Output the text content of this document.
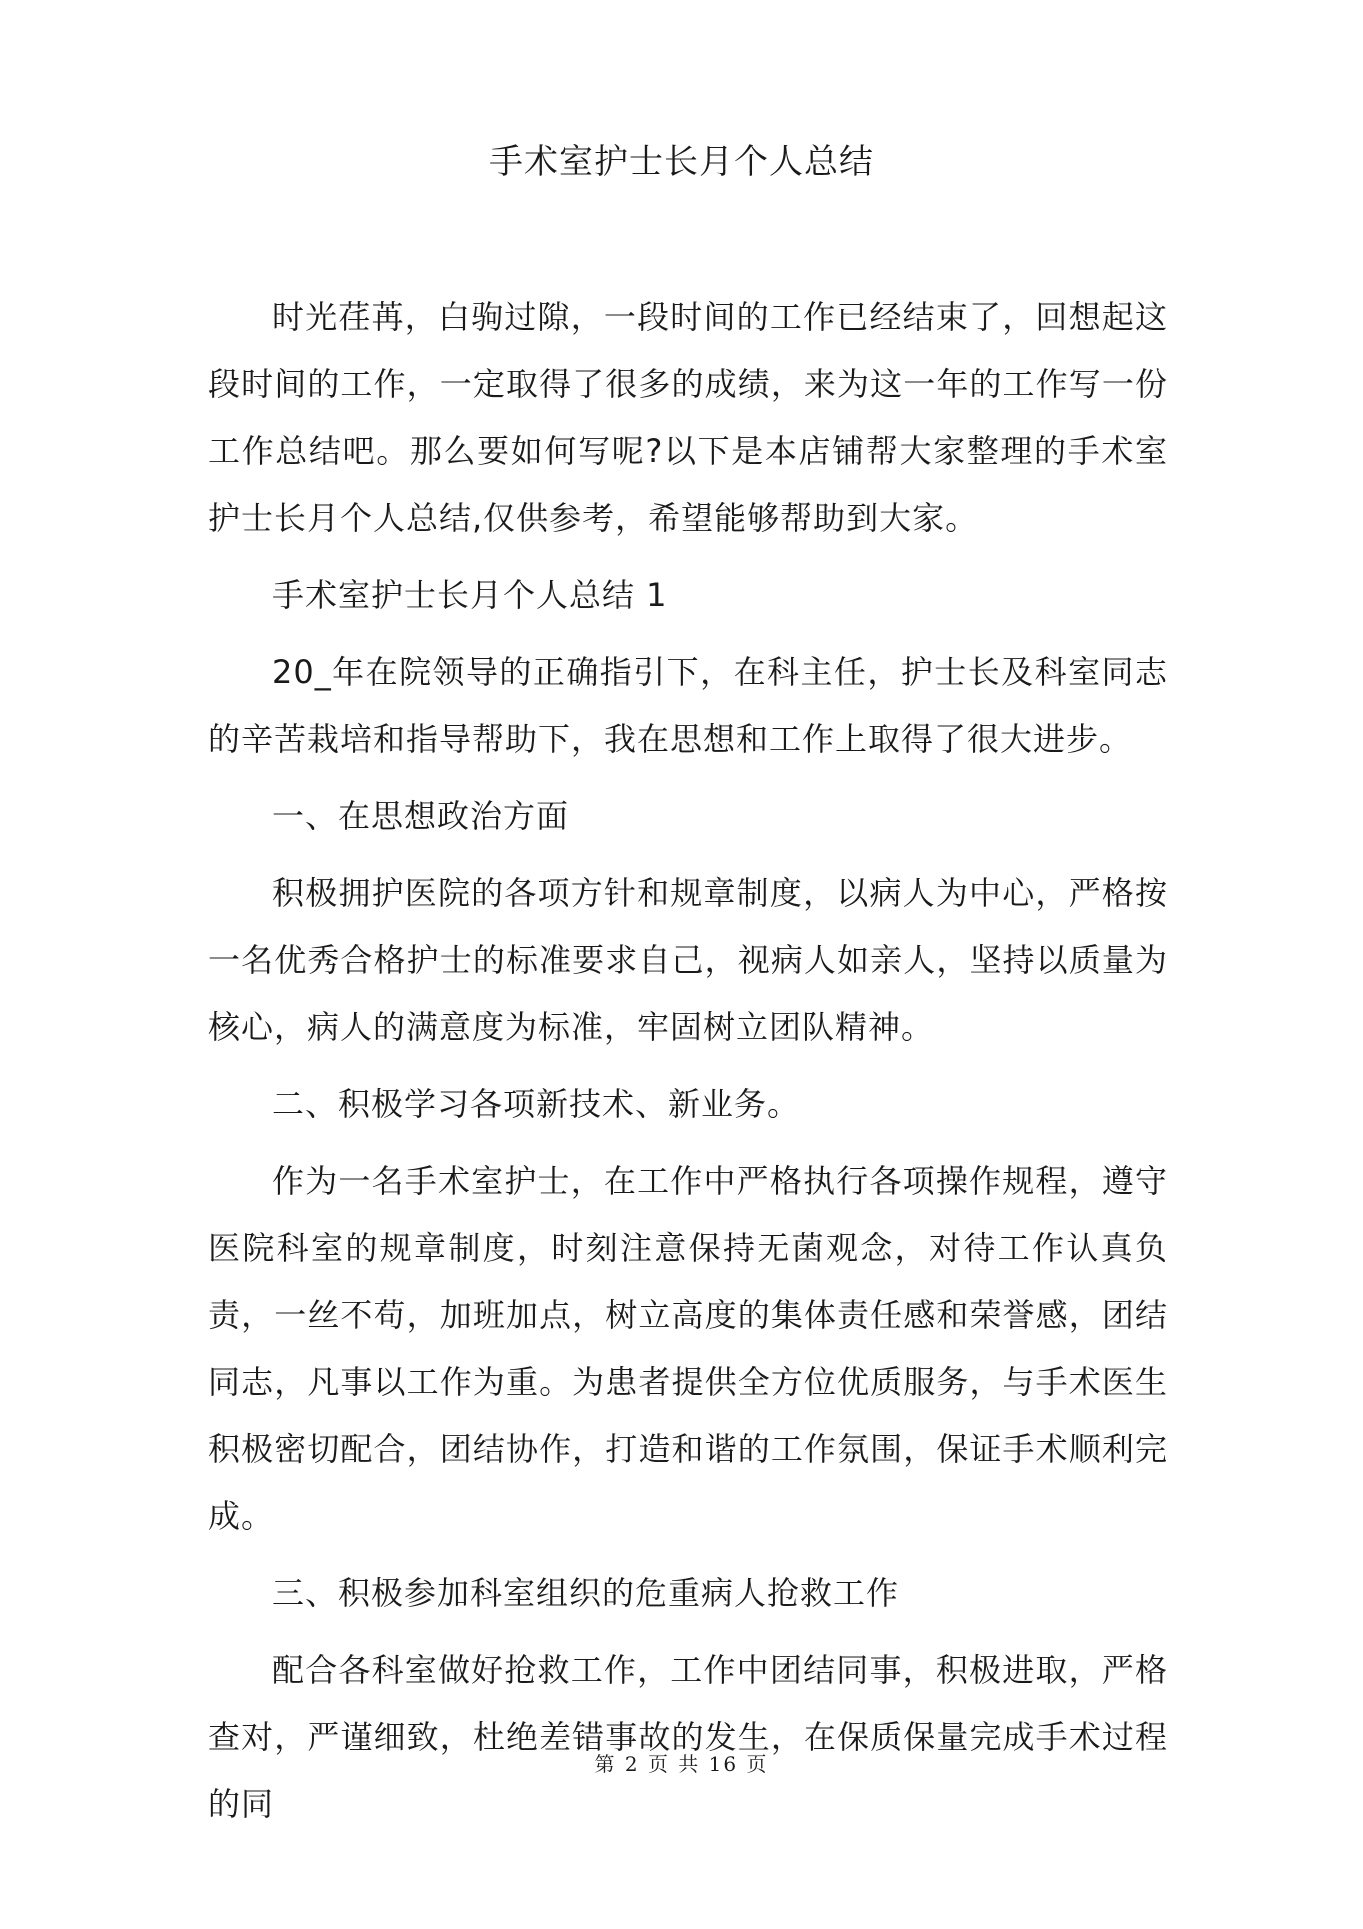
手术室护士长月个人总结

时光荏苒，白驹过隙，一段时间的工作已经结束了，回想起这段时间的工作，一定取得了很多的成绩，来为这一年的工作写一份工作总结吧。那么要如何写呢?以下是本店铺帮大家整理的手术室护士长月个人总结,仅供参考，希望能够帮助到大家。

手术室护士长月个人总结 1

20_年在院领导的正确指引下，在科主任，护士长及科室同志的辛苦栽培和指导帮助下，我在思想和工作上取得了很大进步。

一、在思想政治方面

积极拥护医院的各项方针和规章制度，以病人为中心，严格按一名优秀合格护士的标准要求自己，视病人如亲人，坚持以质量为核心，病人的满意度为标准，牢固树立团队精神。

二、积极学习各项新技术、新业务。

作为一名手术室护士，在工作中严格执行各项操作规程，遵守医院科室的规章制度，时刻注意保持无菌观念，对待工作认真负责，一丝不苟，加班加点，树立高度的集体责任感和荣誉感，团结同志，凡事以工作为重。为患者提供全方位优质服务，与手术医生积极密切配合，团结协作，打造和谐的工作氛围，保证手术顺利完成。

三、积极参加科室组织的危重病人抢救工作

配合各科室做好抢救工作，工作中团结同事，积极进取，严格查对，严谨细致，杜绝差错事故的发生，在保质保量完成手术过程的同

第 2 页 共 16 页
